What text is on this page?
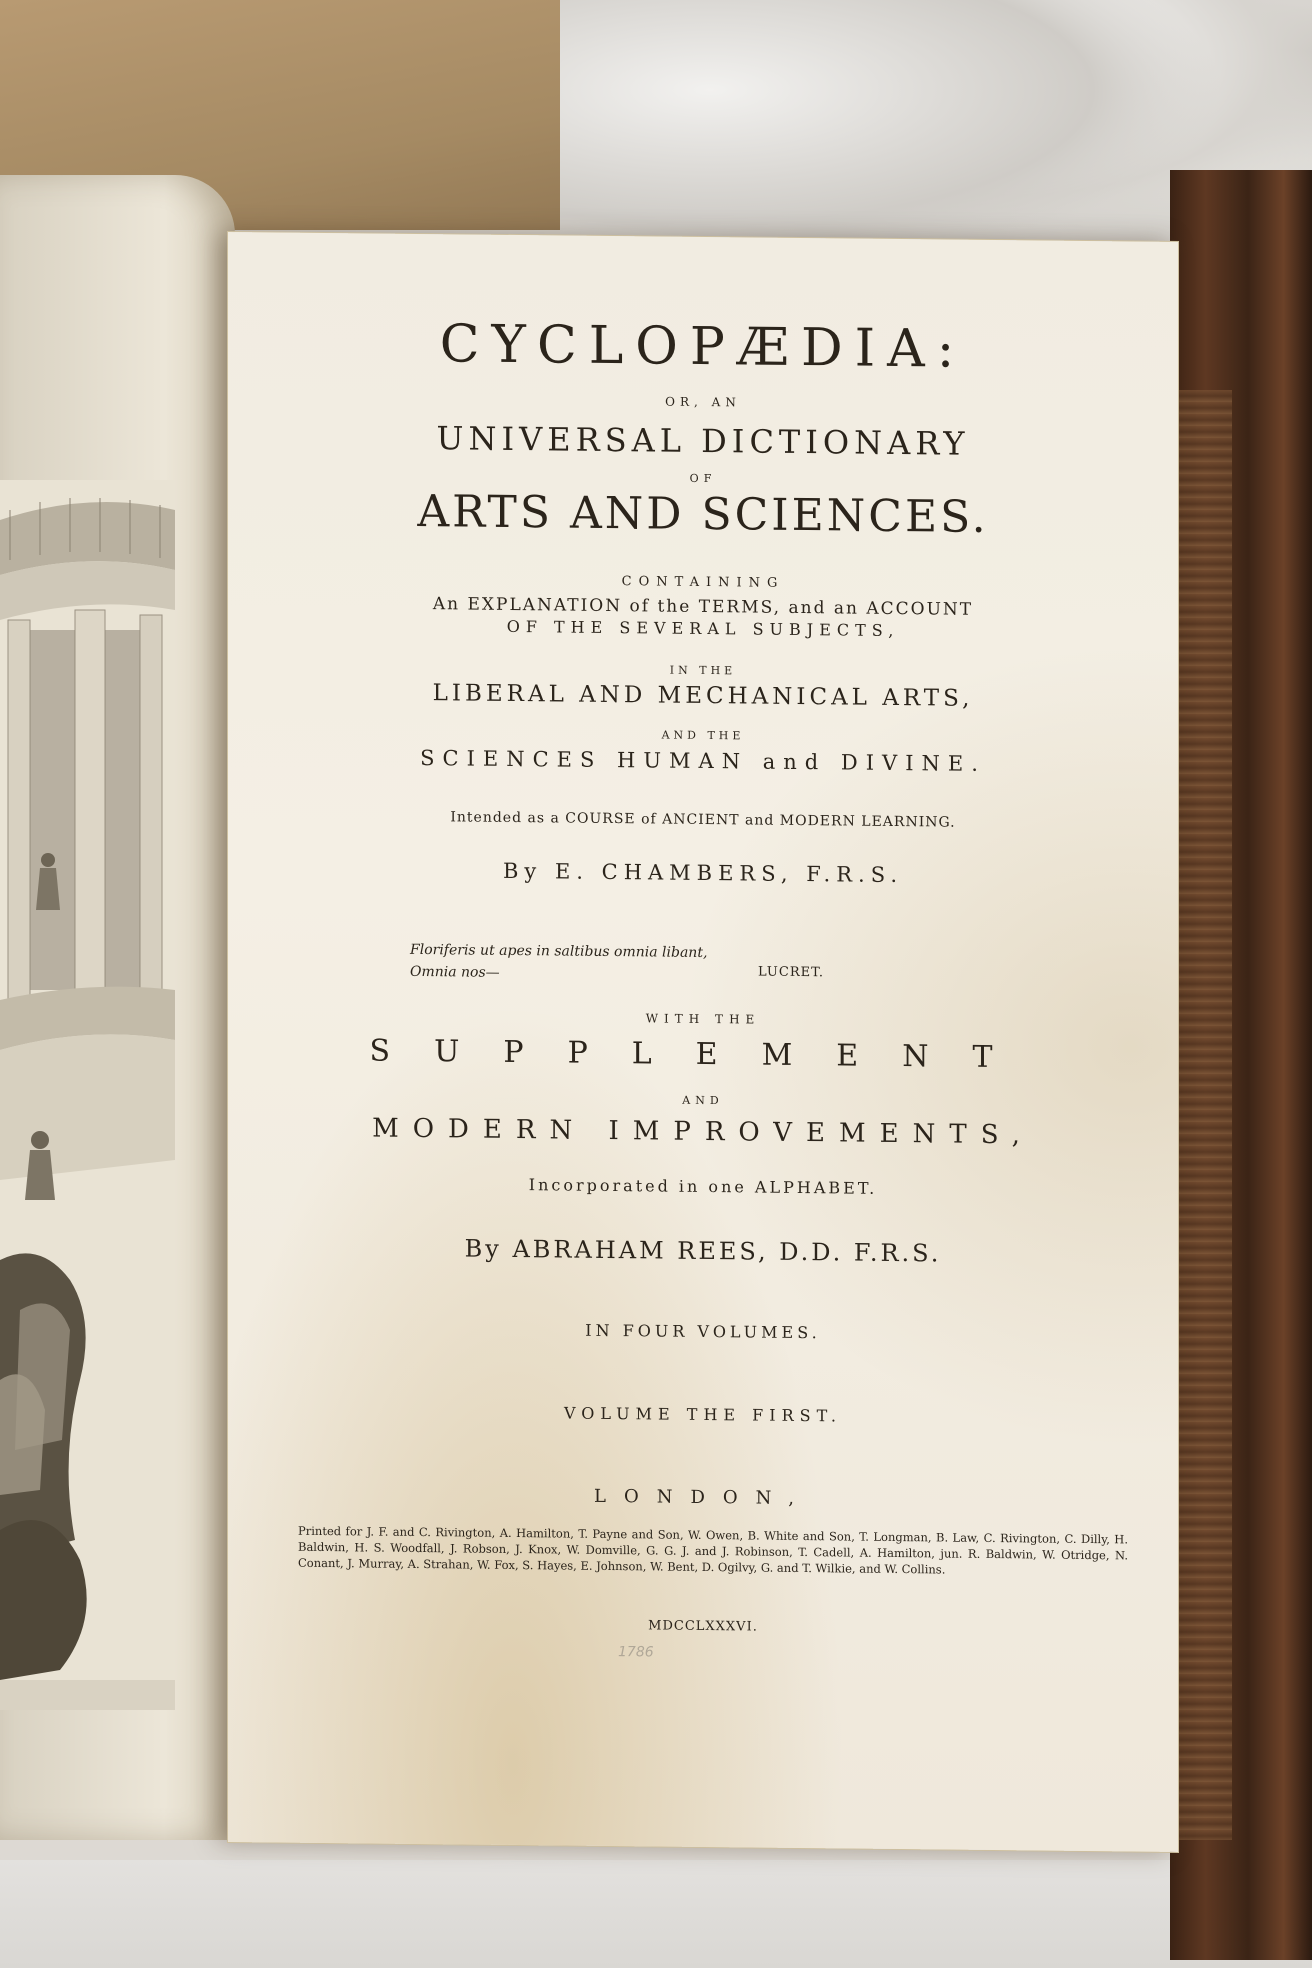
CYCLOPÆDIA:
OR, AN
UNIVERSAL DICTIONARY
OF
ARTS AND SCIENCES.
CONTAINING
An EXPLANATION of the TERMS, and an ACCOUNT
OF THE SEVERAL SUBJECTS,
IN THE
LIBERAL AND MECHANICAL ARTS,
AND THE
SCIENCES HUMAN and DIVINE.
Intended as a COURSE of ANCIENT and MODERN LEARNING.
By E. CHAMBERS, F.R.S.
Floriferis ut apes in saltibus omnia libant,
Omnia nos—	LUCRET.
WITH THE
SUPPLEMENT
AND
MODERN IMPROVEMENTS,
Incorporated in one ALPHABET.
By ABRAHAM REES, D.D. F.R.S.
IN FOUR VOLUMES.
VOLUME THE FIRST.
LONDON,
Printed for J. F. and C. Rivington, A. Hamilton, T. Payne and Son, W. Owen, B. White and Son, T. Longman, B. Law, C. Rivington, C. Dilly, H. Baldwin, H. S. Woodfall, J. Robson, J. Knox, W. Domville, G. G. J. and J. Robinson, T. Cadell, A. Hamilton, jun. R. Baldwin, W. Otridge, N. Conant, J. Murray, A. Strahan, W. Fox, S. Hayes, E. Johnson, W. Bent, D. Ogilvy, G. and T. Wilkie, and W. Collins.
MDCCLXXXVI.
1786
